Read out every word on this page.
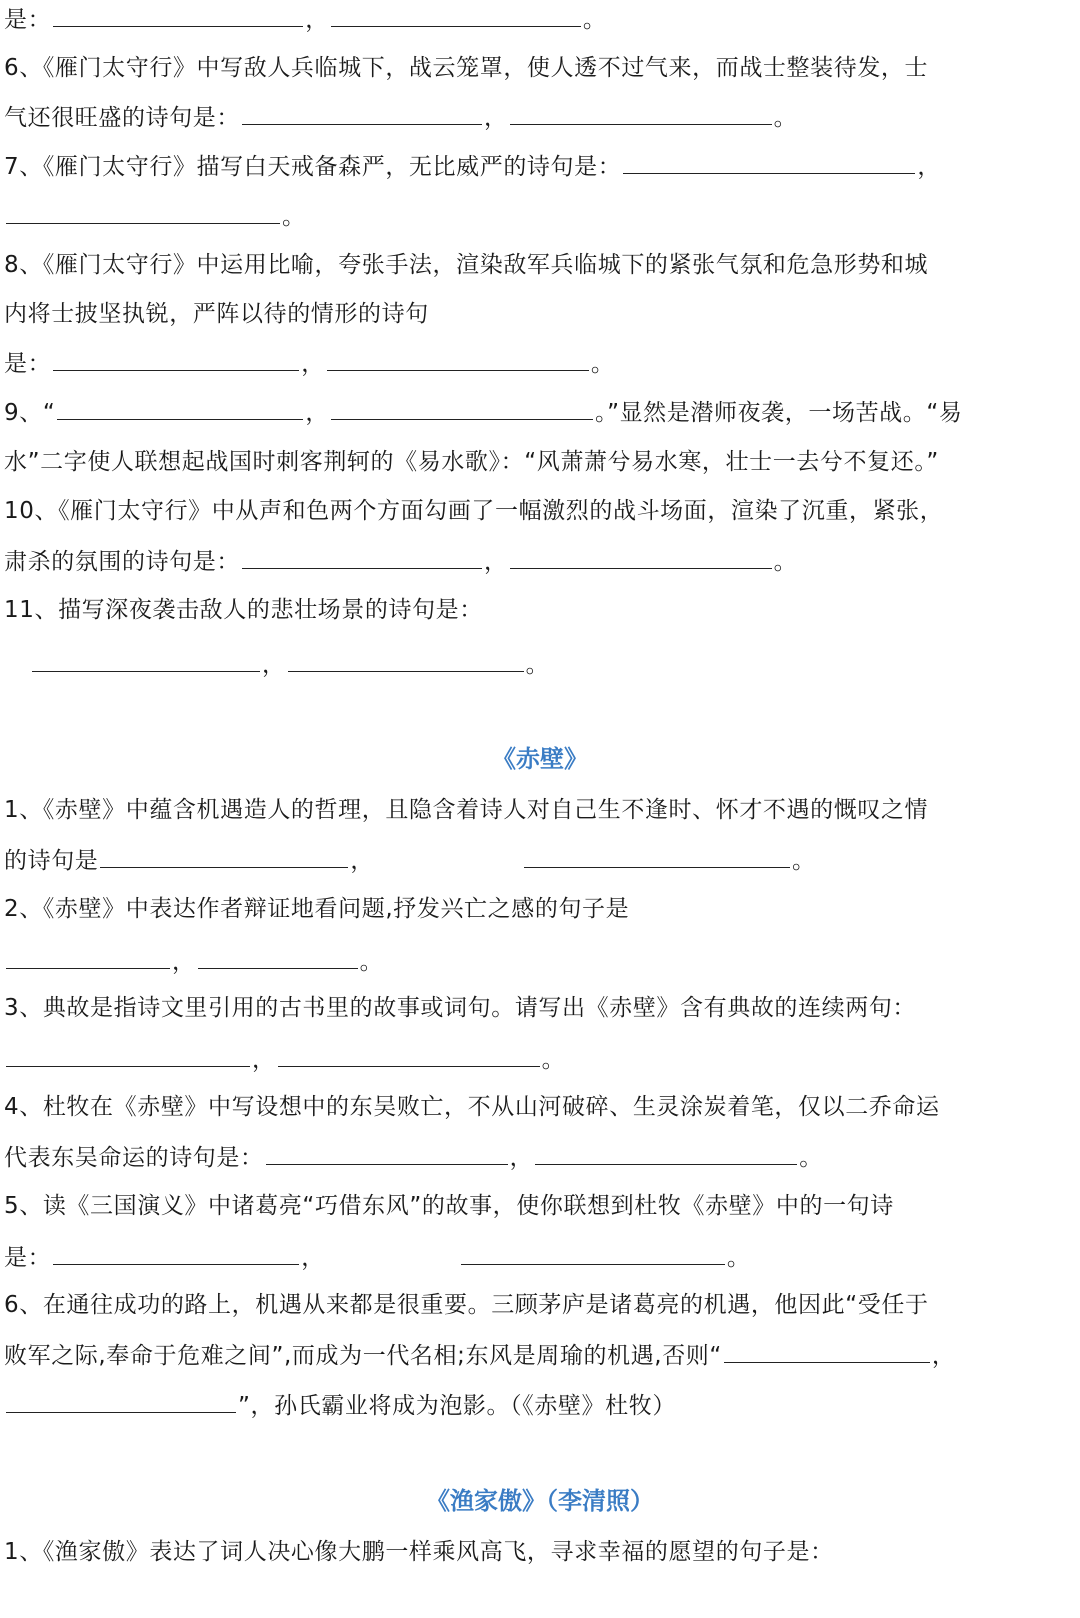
是：	，	。
6、《雁门太守行》中写敌人兵临城下，战云笼罩，使人透不过气来，而战士整装待发，士
气还很旺盛的诗句是：	，	。
7、《雁门太守行》描写白天戒备森严，无比威严的诗句是：	，
。
8、《雁门太守行》中运用比喻，夸张手法，渲染敌军兵临城下的紧张气氛和危急形势和城
内将士披坚执锐，严阵以待的情形的诗句
是：	，	。
9、“	，	。”显然是潜师夜袭，一场苦战。“易
水”二字使人联想起战国时刺客荆轲的《易水歌》：“风萧萧兮易水寒，壮士一去兮不复还。”
10、《雁门太守行》中从声和色两个方面勾画了一幅激烈的战斗场面，渲染了沉重，紧张，
肃杀的氛围的诗句是：	，	。
11、描写深夜袭击敌人的悲壮场景的诗句是：
，	。
《赤壁》
1、《赤壁》中蕴含机遇造人的哲理，且隐含着诗人对自己生不逢时、怀才不遇的慨叹之情
的诗句是	，	。
2、《赤壁》中表达作者辩证地看问题,抒发兴亡之感的句子是
，	。
3、典故是指诗文里引用的古书里的故事或词句。请写出《赤壁》含有典故的连续两句：
，	。
4、杜牧在《赤壁》中写设想中的东吴败亡，不从山河破碎、生灵涂炭着笔，仅以二乔命运
代表东吴命运的诗句是：	，	。
5、读《三国演义》中诸葛亮“巧借东风”的故事，使你联想到杜牧《赤壁》中的一句诗
是：	，	。
6、在通往成功的路上，机遇从来都是很重要。三顾茅庐是诸葛亮的机遇，他因此“受任于
败军之际,奉命于危难之间”,而成为一代名相;东风是周瑜的机遇,否则“	，
”，孙氏霸业将成为泡影。（《赤壁》杜牧）
《渔家傲》（李清照）
1、《渔家傲》表达了词人决心像大鹏一样乘风高飞，寻求幸福的愿望的句子是：
